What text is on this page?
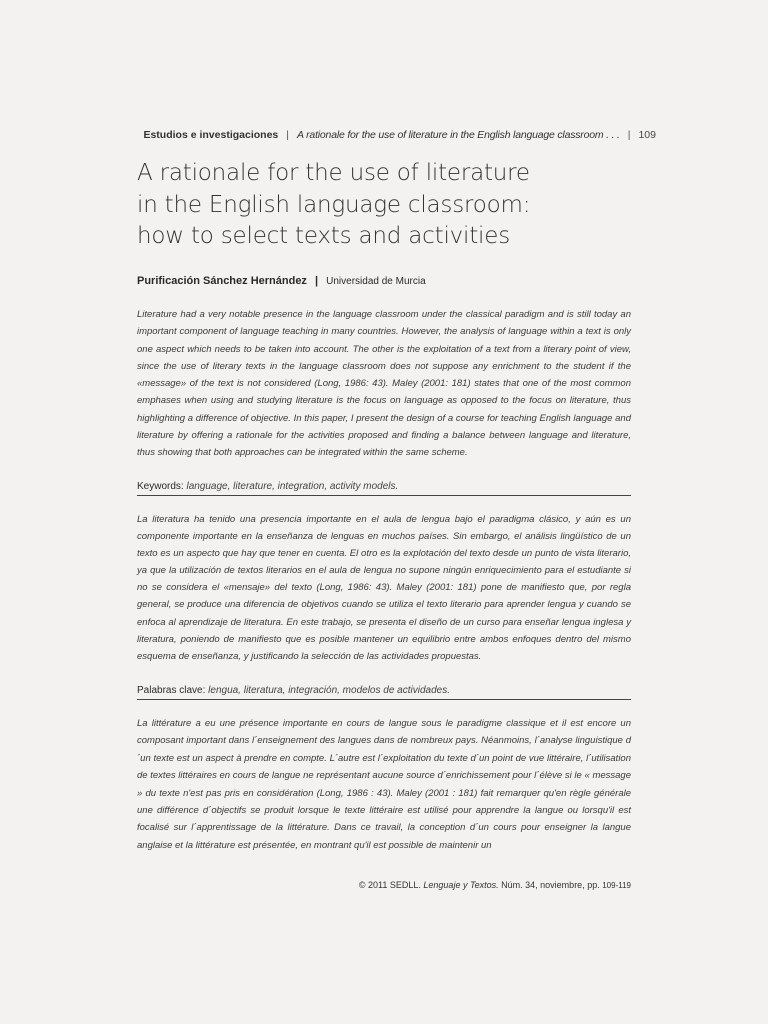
Estudios e investigaciones | A rationale for the use of literature in the English language classroom . . . | 109
A rationale for the use of literature
in the English language classroom:
how to select texts and activities
Purificación Sánchez Hernández | Universidad de Murcia

Literature had a very notable presence in the language classroom under the classical paradigm and is still today an important component of language teaching in many countries. However, the analysis of language within a text is only one aspect which needs to be taken into account. The other is the exploitation of a text from a literary point of view, since the use of literary texts in the language classroom does not suppose any enrichment to the student if the «message» of the text is not considered (Long, 1986: 43). Maley (2001: 181) states that one of the most common emphases when using and studying literature is the focus on language as opposed to the focus on literature, thus highlighting a difference of objective. In this paper, I present the design of a course for teaching English language and literature by offering a rationale for the activities proposed and finding a balance between language and literature, thus showing that both approaches can be integrated within the same scheme.

Keywords: language, literature, integration, activity models.

La literatura ha tenido una presencia importante en el aula de lengua bajo el paradigma clásico, y aún es un componente importante en la enseñanza de lenguas en muchos países. Sin embargo, el análisis lingüístico de un texto es un aspecto que hay que tener en cuenta. El otro es la explotación del texto desde un punto de vista literario, ya que la utilización de textos literarios en el aula de lengua no supone ningún enriquecimiento para el estudiante si no se considera el «mensaje» del texto (Long, 1986: 43). Maley (2001: 181) pone de manifiesto que, por regla general, se produce una diferencia de objetivos cuando se utiliza el texto literario para aprender lengua y cuando se enfoca al aprendizaje de literatura. En este trabajo, se presenta el diseño de un curso para enseñar lengua inglesa y literatura, poniendo de manifiesto que es posible mantener un equilibrio entre ambos enfoques dentro del mismo esquema de enseñanza, y justificando la selección de las actividades propuestas.

Palabras clave: lengua, literatura, integración, modelos de actividades.

La littérature a eu une présence importante en cours de langue sous le paradigme classique et il est encore un composant important dans l´enseignement des langues dans de nombreux pays. Néanmoins, l´analyse linguistique d´un texte est un aspect à prendre en compte. L´autre est l´exploitation du texte d´un point de vue littéraire, l´utilisation de textes littéraires en cours de langue ne représentant aucune source d´enrichissement pour l´élève si le « message » du texte n'est pas pris en considération (Long, 1986 : 43). Maley (2001 : 181) fait remarquer qu'en règle générale une différence d´objectifs se produit lorsque le texte littéraire est utilisé pour apprendre la langue ou lorsqu'il est focalisé sur l´apprentissage de la littérature. Dans ce travail, la conception d´un cours pour enseigner la langue anglaise et la littérature est présentée, en montrant qu'il est possible de maintenir un

© 2011 SEDLL. Lenguaje y Textos. Núm. 34, noviembre, pp. 109-119
